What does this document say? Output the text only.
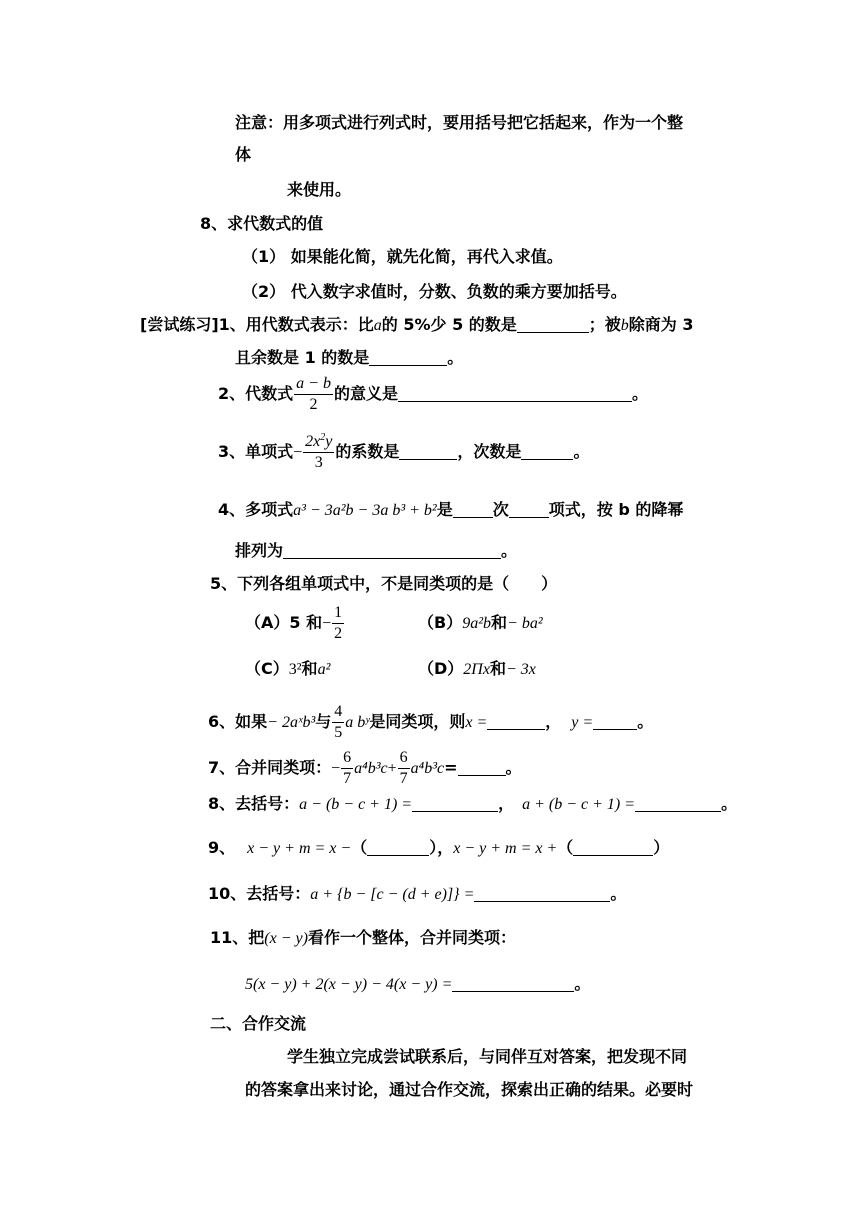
注意：用多项式进行列式时，要用括号把它括起来，作为一个整
体
来使用。
8、求代数式的值
（1） 如果能化简，就先化简，再代入求值。
（2） 代入数字求值时，分数、负数的乘方要加括号。
[尝试练习]1、用代数式表示：比a的 5%少 5 的数是	；被b除商为 3
且余数是 1 的数是	。
2、代数式 $\frac{a - b}{2}$ 的意义是	。
3、单项式− $\frac{2x^2y}{3}$ 的系数是	，次数是	。
4、多项式a³ − 3a²b − 3a b³ + b²是	次	项式，按 b 的降幂
排列为	。
5、下列各组单项式中，不是同类项的是（　　）
（A）5 和− $\frac{1}{2}$	（B）9a²b和− ba²
（C）3²和a²	（D）2Πx和− 3x
6、如果− 2aˣb³与 $\frac{4}{5}$ a bʸ是同类项，则x =	， y =	。
7、合并同类项：− $\frac{6}{7} a^4b^3c+ \frac{6}{7} a^4b^3c=$	。
8、去括号：a − (b − c + 1) =	， a + (b − c + 1) =	。
9、 x − y + m = x −（	），x − y + m = x +（	）
10、去括号：a + {b − [c − (d + e)]} =	。
11、把(x − y)看作一个整体，合并同类项：
5(x − y) + 2(x − y) − 4(x − y) =	。
二、合作交流
学生独立完成尝试联系后，与同伴互对答案，把发现不同
的答案拿出来讨论，通过合作交流，探索出正确的结果。必要时
